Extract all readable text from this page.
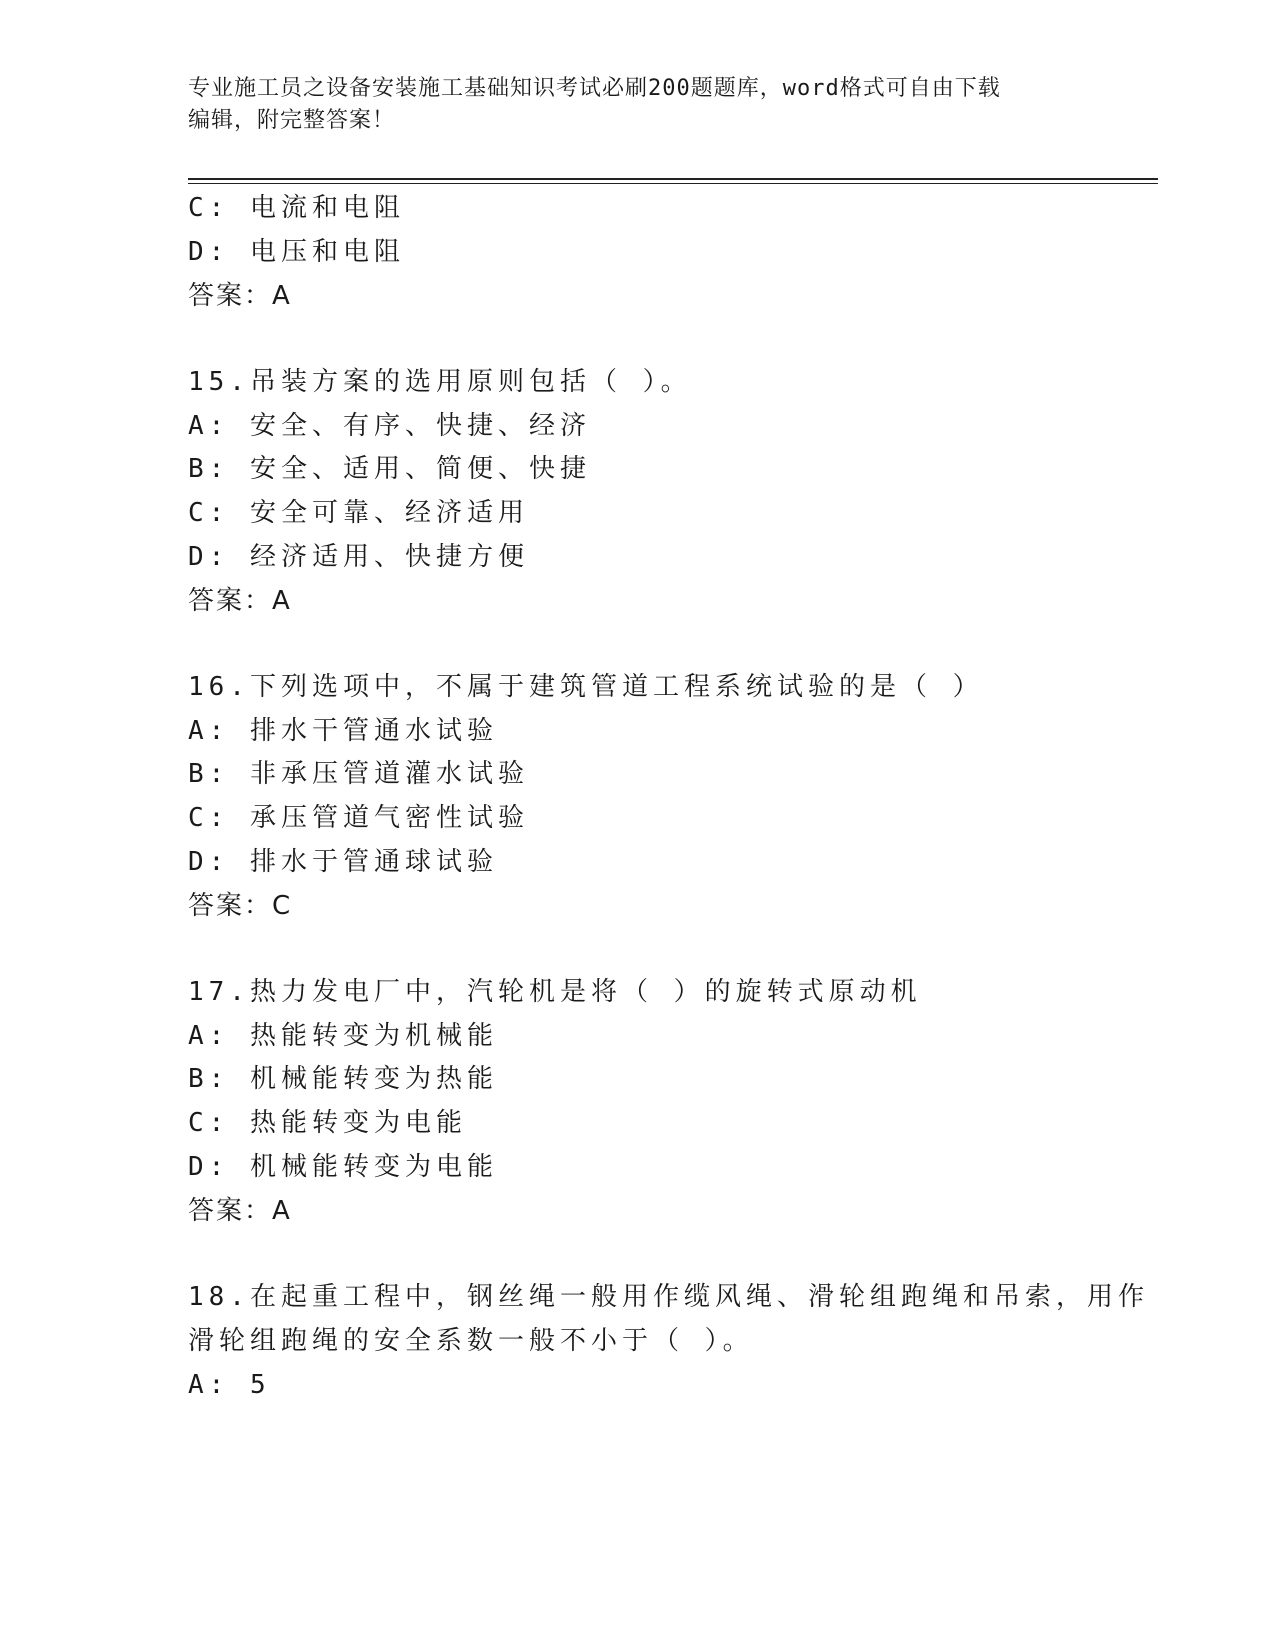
专业施工员之设备安装施工基础知识考试必刷200题题库，word格式可自由下载
编辑，附完整答案！
C: 电流和电阻
D: 电压和电阻
答案：A
15.吊装方案的选用原则包括（ ）。
A: 安全、有序、快捷、经济
B: 安全、适用、简便、快捷
C: 安全可靠、经济适用
D: 经济适用、快捷方便
答案：A
16.下列选项中，不属于建筑管道工程系统试验的是（ ）
A: 排水干管通水试验
B: 非承压管道灌水试验
C: 承压管道气密性试验
D: 排水于管通球试验
答案：C
17.热力发电厂中，汽轮机是将（ ）的旋转式原动机
A: 热能转变为机械能
B: 机械能转变为热能
C: 热能转变为电能
D: 机械能转变为电能
答案：A
18.在起重工程中，钢丝绳一般用作缆风绳、滑轮组跑绳和吊索，用作
滑轮组跑绳的安全系数一般不小于（ ）。
A: 5
